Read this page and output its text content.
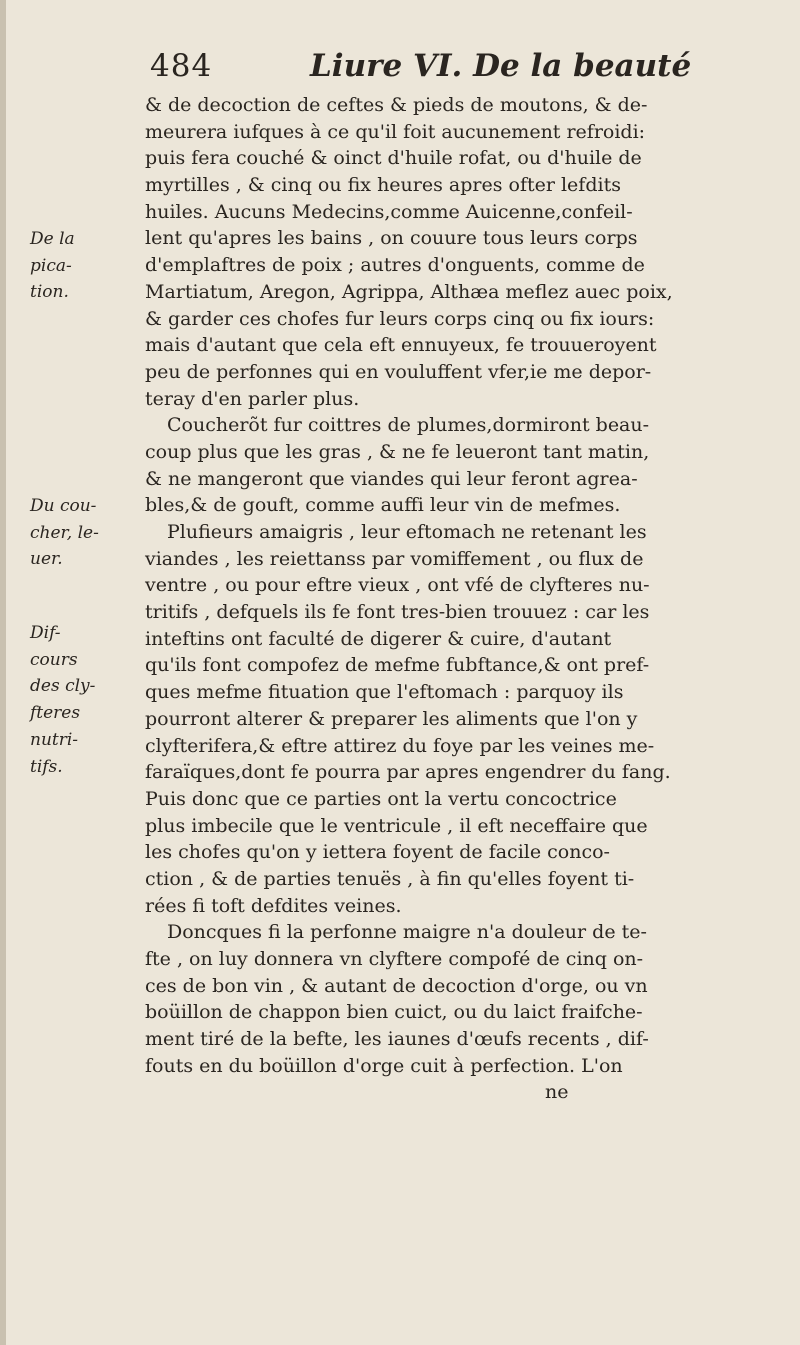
484	Liure VI. De la beauté
& de decoction de ceftes & pieds de moutons, & de-
meurera iufques à ce qu'il foit aucunement refroidi:
puis fera couché & oinct d'huile rofat, ou d'huile de
myrtilles , & cinq ou fix heures apres ofter lefdits
huiles. Aucuns Medecins,comme Auicenne,confeil-
lent qu'apres les bains , on couure tous leurs corps
d'emplaftres de poix ; autres d'onguents, comme de
Martiatum, Aregon, Agrippa, Althæa meflez auec poix,
& garder ces chofes fur leurs corps cinq ou fix iours:
mais d'autant que cela eft ennuyeux, fe trouueroyent
peu de perfonnes qui en vouluffent vfer,ie me depor-
teray d'en parler plus.
Coucherõt fur coittres de plumes,dormiront beau-
coup plus que les gras , & ne fe leueront tant matin,
& ne mangeront que viandes qui leur feront agrea-
bles,& de gouft, comme auffi leur vin de mefmes.
Plufieurs amaigris , leur eftomach ne retenant les
viandes , les reiettanss par vomiffement , ou flux de
ventre , ou pour eftre vieux , ont vfé de clyfteres nu-
tritifs , defquels ils fe font tres-bien trouuez : car les
inteftins ont faculté de digerer & cuire, d'autant
qu'ils font compofez de mefme fubftance,& ont pref-
ques mefme fituation que l'eftomach : parquoy ils
pourront alterer & preparer les aliments que l'on y
clyfterifera,& eftre attirez du foye par les veines me-
faraïques,dont fe pourra par apres engendrer du fang.
Puis donc que ce parties ont la vertu concoctrice
plus imbecile que le ventricule , il eft neceffaire que
les chofes qu'on y iettera foyent de facile conco-
ction , & de parties tenuës , à fin qu'elles foyent ti-
rées fi toft defdites veines.
Doncques fi la perfonne maigre n'a douleur de te-
fte , on luy donnera vn clyftere compofé de cinq on-
ces de bon vin , & autant de decoction d'orge, ou vn
boüillon de chappon bien cuict, ou du laict fraifche-
ment tiré de la befte, les iaunes d'œufs recents , dif-
fouts en du boüillon d'orge cuit à perfection. L'on
ne
De la
pica-
tion.
Du cou-
cher, le-
uer.
Dif-
cours
des cly-
fteres
nutri-
tifs.
